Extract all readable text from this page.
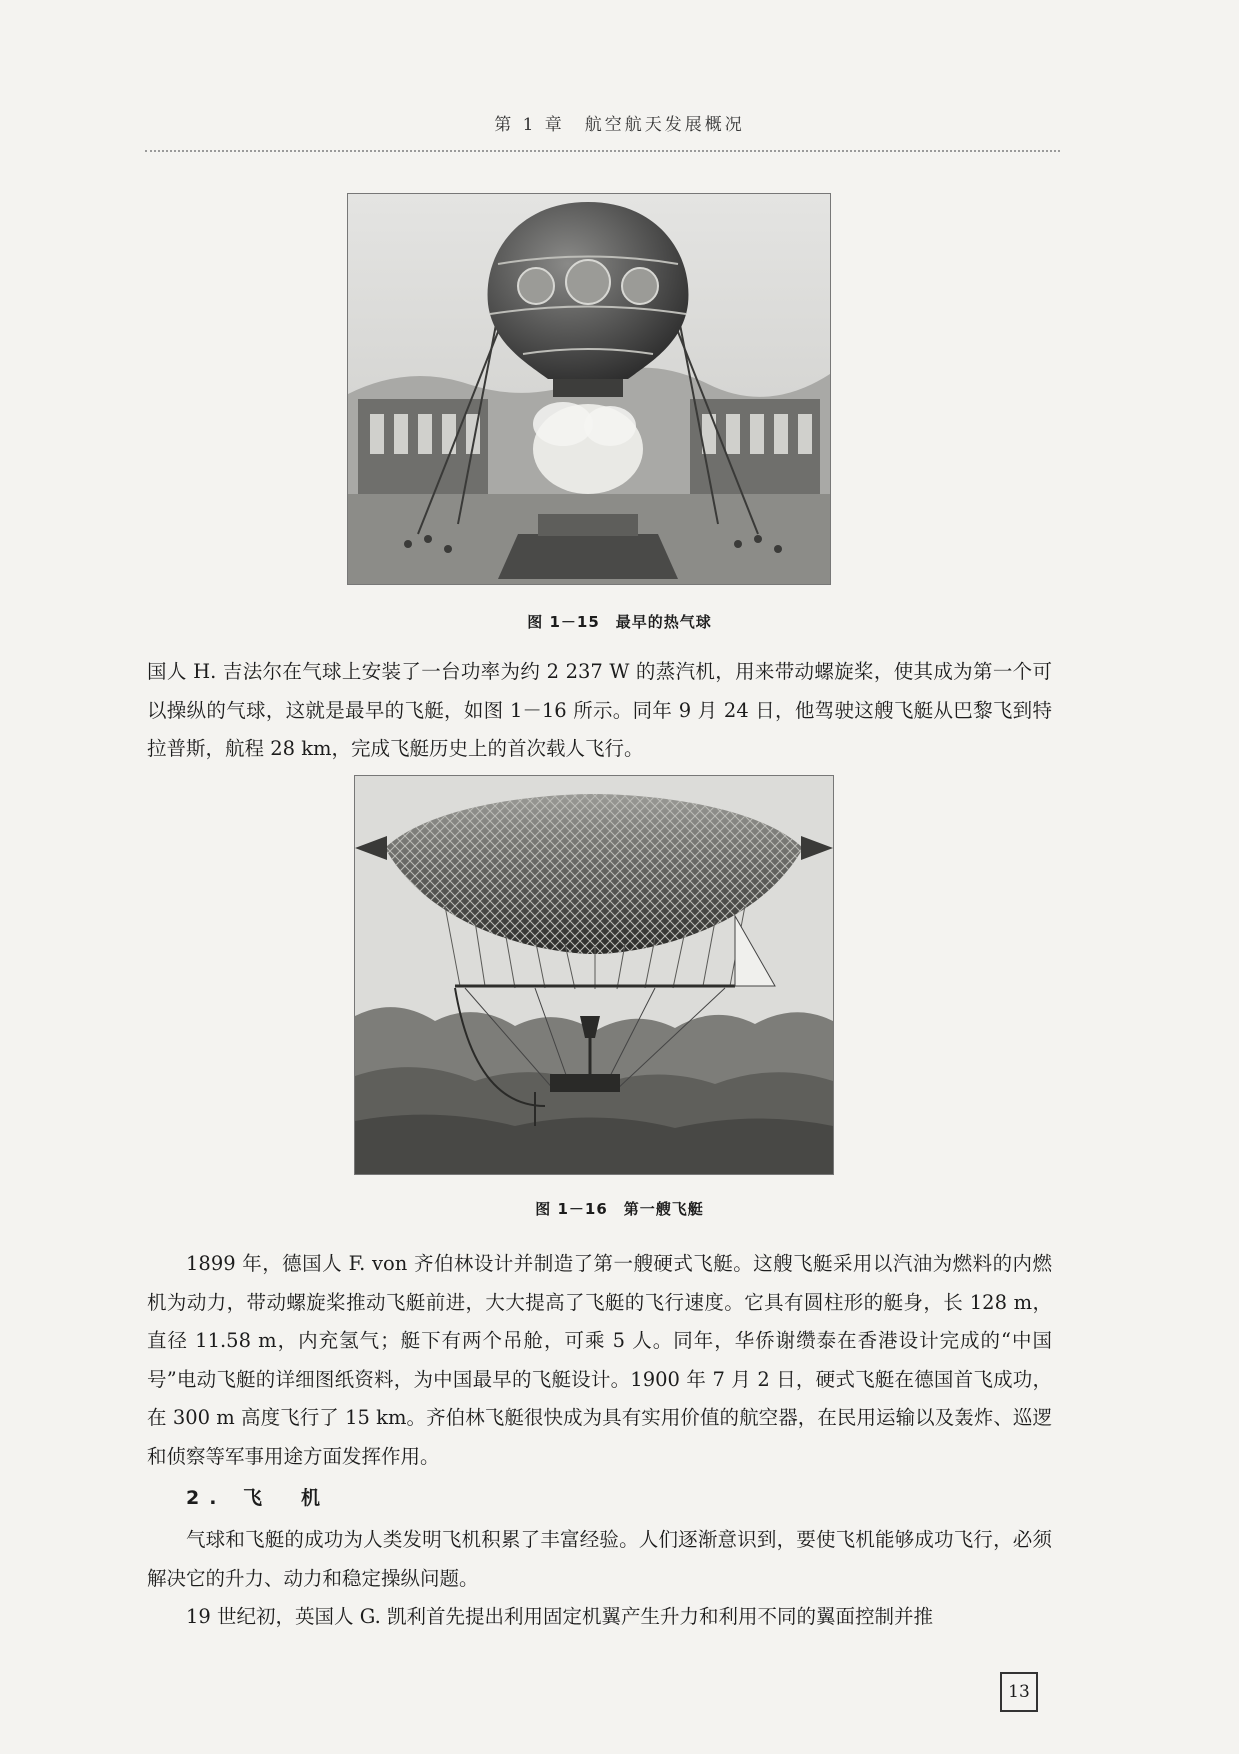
第 1 章　航空航天发展概况
图 1－15　最早的热气球

国人 H. 吉法尔在气球上安装了一台功率为约 2 237 W 的蒸汽机，用来带动螺旋桨，使其成为第一个可以操纵的气球，这就是最早的飞艇，如图 1－16 所示。同年 9 月 24 日，他驾驶这艘飞艇从巴黎飞到特拉普斯，航程 28 km，完成飞艇历史上的首次载人飞行。

图 1－16　第一艘飞艇

1899 年，德国人 F. von 齐伯林设计并制造了第一艘硬式飞艇。这艘飞艇采用以汽油为燃料的内燃机为动力，带动螺旋桨推动飞艇前进，大大提高了飞艇的飞行速度。它具有圆柱形的艇身，长 128 m，直径 11.58 m，内充氢气；艇下有两个吊舱，可乘 5 人。同年，华侨谢缵泰在香港设计完成的“中国号”电动飞艇的详细图纸资料，为中国最早的飞艇设计。1900 年 7 月 2 日，硬式飞艇在德国首飞成功，在 300 m 高度飞行了 15 km。齐伯林飞艇很快成为具有实用价值的航空器，在民用运输以及轰炸、巡逻和侦察等军事用途方面发挥作用。

2. 飞　机

气球和飞艇的成功为人类发明飞机积累了丰富经验。人们逐渐意识到，要使飞机能够成功飞行，必须解决它的升力、动力和稳定操纵问题。

19 世纪初，英国人 G. 凯利首先提出利用固定机翼产生升力和利用不同的翼面控制并推

13
